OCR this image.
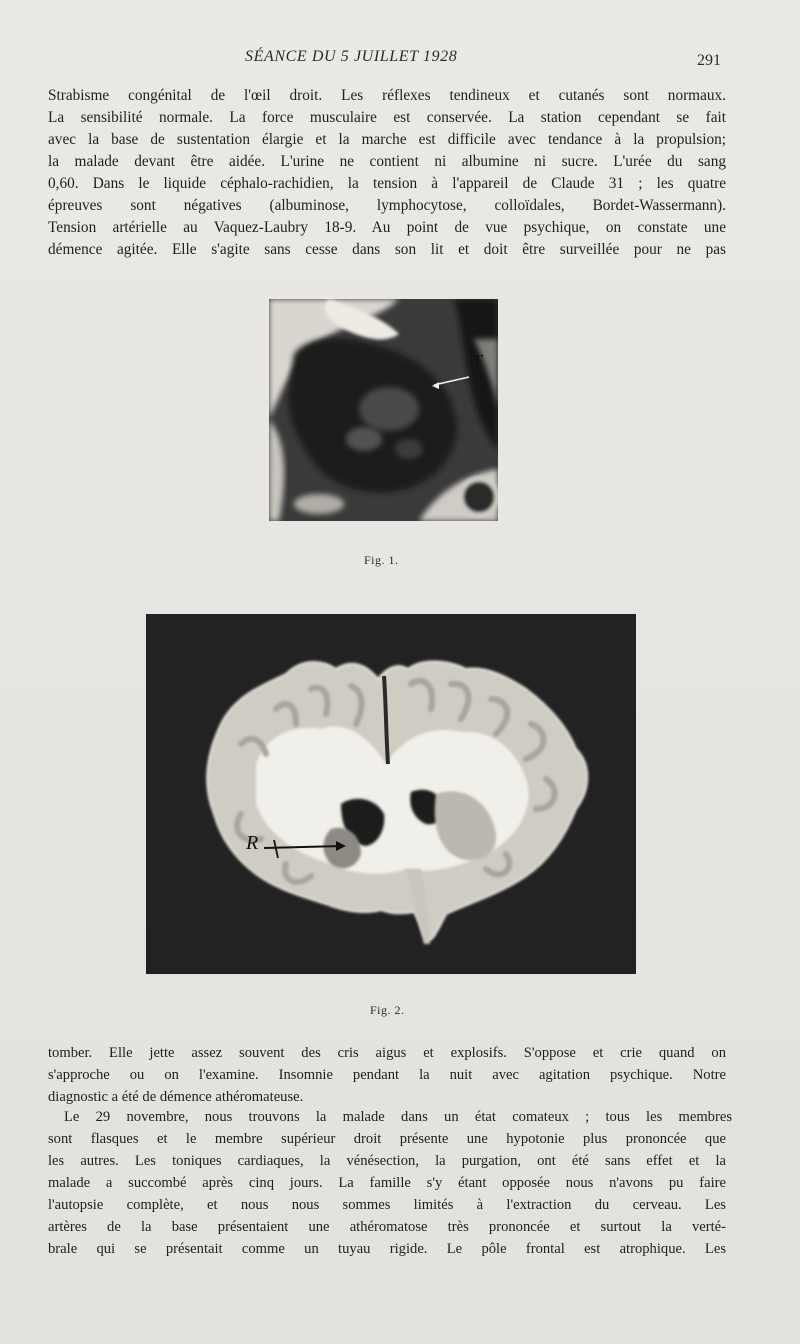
SÉANCE DU 5 JUILLET 1928	291
Strabisme congénital de l'œil droit. Les réflexes tendineux et cutanés sont normaux.
La sensibilité normale. La force musculaire est conservée. La station cependant se fait
avec la base de sustentation élargie et la marche est difficile avec tendance à la propulsion;
la malade devant être aidée. L'urine ne contient ni albumine ni sucre. L'urée du sang
0,60. Dans le liquide céphalo-rachidien, la tension à l'appareil de Claude 31 ; les quatre
épreuves sont négatives (albuminose, lymphocytose, colloïdales, Bordet-Wassermann).
Tension artérielle au Vaquez-Laubry 18-9. Au point de vue psychique, on constate une
démence agitée. Elle s'agite sans cesse dans son lit et doit être surveillée pour ne pas
T
Fig. 1.
R
Fig. 2.
tomber. Elle jette assez souvent des cris aigus et explosifs. S'oppose et crie quand on
s'approche ou on l'examine. Insomnie pendant la nuit avec agitation psychique. Notre
diagnostic a été de démence athéromateuse.
Le 29 novembre, nous trouvons la malade dans un état comateux ; tous les membres
sont flasques et le membre supérieur droit présente une hypotonie plus prononcée que
les autres. Les toniques cardiaques, la vénésection, la purgation, ont été sans effet et la
malade a succombé après cinq jours. La famille s'y étant opposée nous n'avons pu faire
l'autopsie complète, et nous nous sommes limités à l'extraction du cerveau. Les
artères de la base présentaient une athéromatose très prononcée et surtout la verté-
brale qui se présentait comme un tuyau rigide. Le pôle frontal est atrophique. Les
